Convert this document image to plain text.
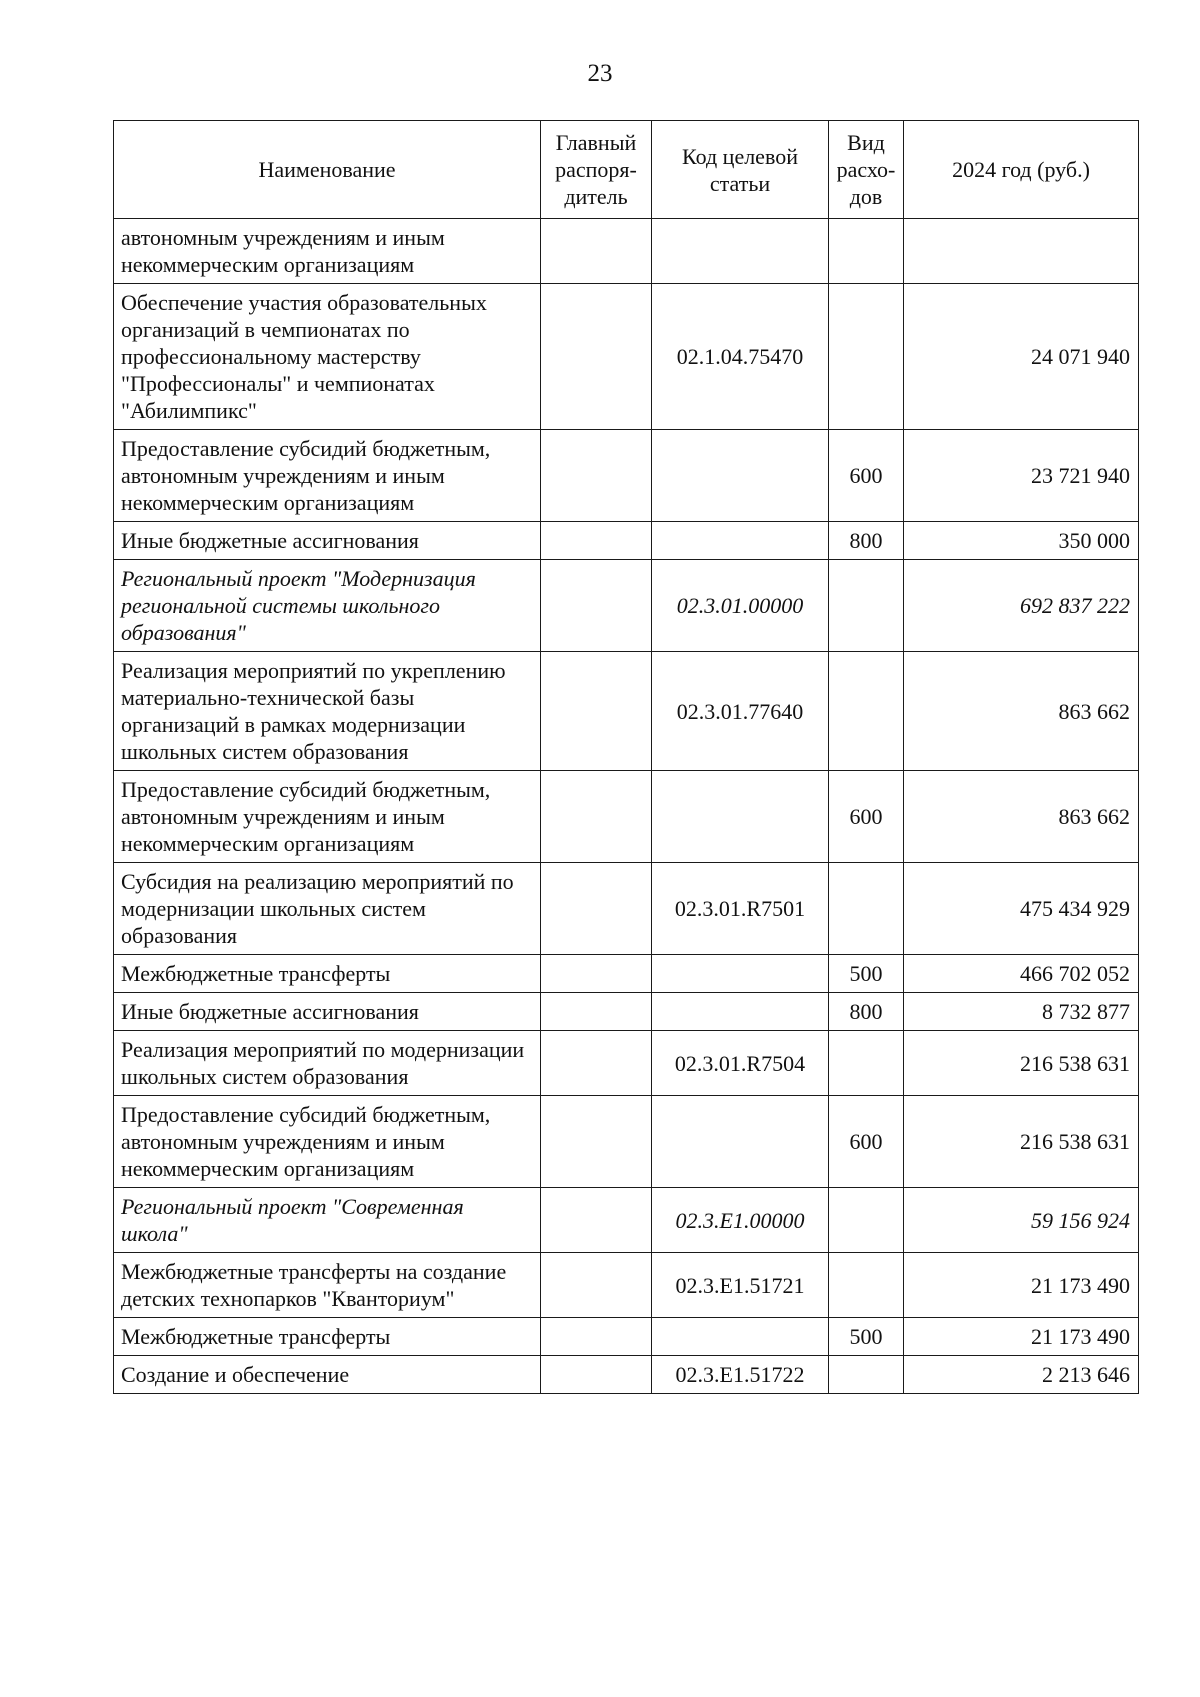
23
Наименование	Главный распоря-дитель	Код целевой статьи	Вид расхо-дов	2024 год (руб.)
автономным учреждениям и иным некоммерческим организациям				
Обеспечение участия образовательных организаций в чемпионатах по профессиональному мастерству "Профессионалы" и чемпионатах "Абилимпикс"		02.1.04.75470		24 071 940
Предоставление субсидий бюджетным, автономным учреждениям и иным некоммерческим организациям			600	23 721 940
Иные бюджетные ассигнования			800	350 000
Региональный проект "Модернизация региональной системы школьного образования"		02.3.01.00000		692 837 222
Реализация мероприятий по укреплению материально-технической базы организаций в рамках модернизации школьных систем образования		02.3.01.77640		863 662
Предоставление субсидий бюджетным, автономным учреждениям и иным некоммерческим организациям			600	863 662
Субсидия на реализацию мероприятий по модернизации школьных систем образования		02.3.01.R7501		475 434 929
Межбюджетные трансферты			500	466 702 052
Иные бюджетные ассигнования			800	8 732 877
Реализация мероприятий по модернизации школьных систем образования		02.3.01.R7504		216 538 631
Предоставление субсидий бюджетным, автономным учреждениям и иным некоммерческим организациям			600	216 538 631
Региональный проект "Современная школа"		02.3.E1.00000		59 156 924
Межбюджетные трансферты на создание детских технопарков "Кванториум"		02.3.E1.51721		21 173 490
Межбюджетные трансферты			500	21 173 490
Создание и обеспечение		02.3.E1.51722		2 213 646
